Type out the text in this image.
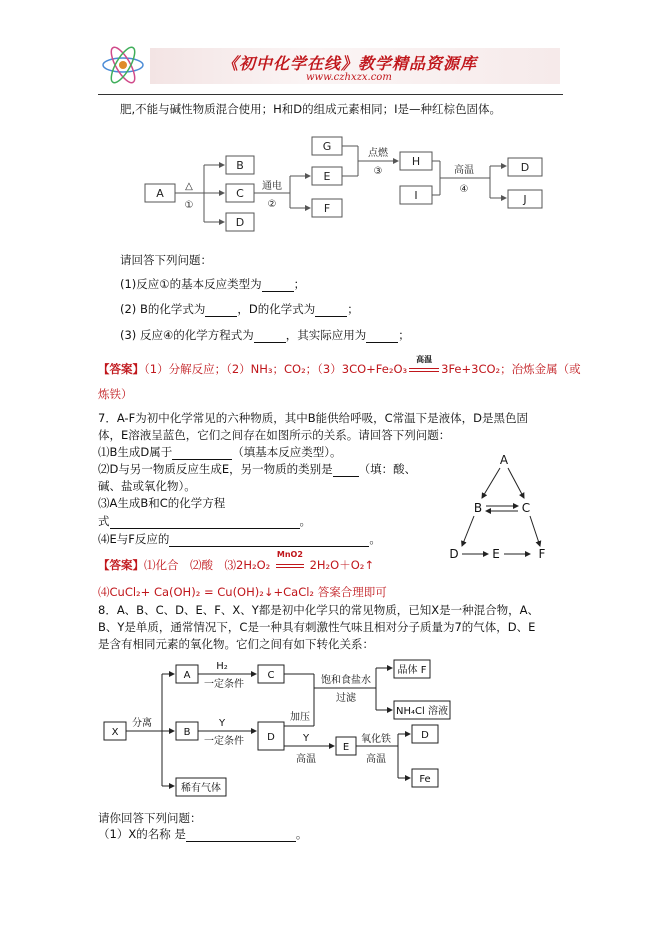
《初中化学在线》教学精品资源库
www.czhxzx.com
肥,不能与碱性物质混合使用；H和D的组成元素相同；I是—种红棕色固体。
A
B
C
D
E
F
G
H
I
D
J
△
①
通电
②
点燃
③	高温
④
请回答下列问题：
(1)反应①的基本反应类型为	；
(2) B的化学式为	，D的化学式为	；
(3) 反应④的化学方程式为	，其实际应用为	；
【答案】（1）分解反应；（2）NH₃；CO₂；（3）3CO+Fe₂O₃
高温
3Fe+3CO₂；冶炼金属（或
炼铁）
7．A-F为初中化学常见的六种物质，其中B能供给呼吸，C常温下是液体，D是黑色固
体，E溶液呈蓝色，它们之间存在如图所示的关系。请回答下列问题：
⑴B生成D属于	（填基本反应类型）。
⑵D与另一物质反应生成E，另一物质的类别是 （填：酸、
碱、盐或氧化物）。
⑶A生成B和C的化学方程
式	。
⑷E与F反应的	。
A
B	C
D	E	F
【答案】⑴化合　⑵酸　⑶2H₂O₂
MnO2
2H₂O＋O₂↑
⑷CuCl₂+ Ca(OH)₂ = Cu(OH)₂↓+CaCl₂ 答案合理即可
8．A、B、C、D、E、F、X、Y都是初中化学只的常见物质，已知X是一种混合物，A、
B、Y是单质，通常情况下，C是一种具有刺激性气味且相对分子质量为7的气体，D、E
是含有相同元素的氧化物。它们之间有如下转化关系：
X
A
B
稀有气体
C
D
晶体 F
NH₄Cl 溶液
E
D
Fe
分离
H₂
一定条件
Y
一定条件
饱和食盐水
过滤
加压
Y
高温
氧化铁
高温
请你回答下列问题：
（1）X的名称 是	。
